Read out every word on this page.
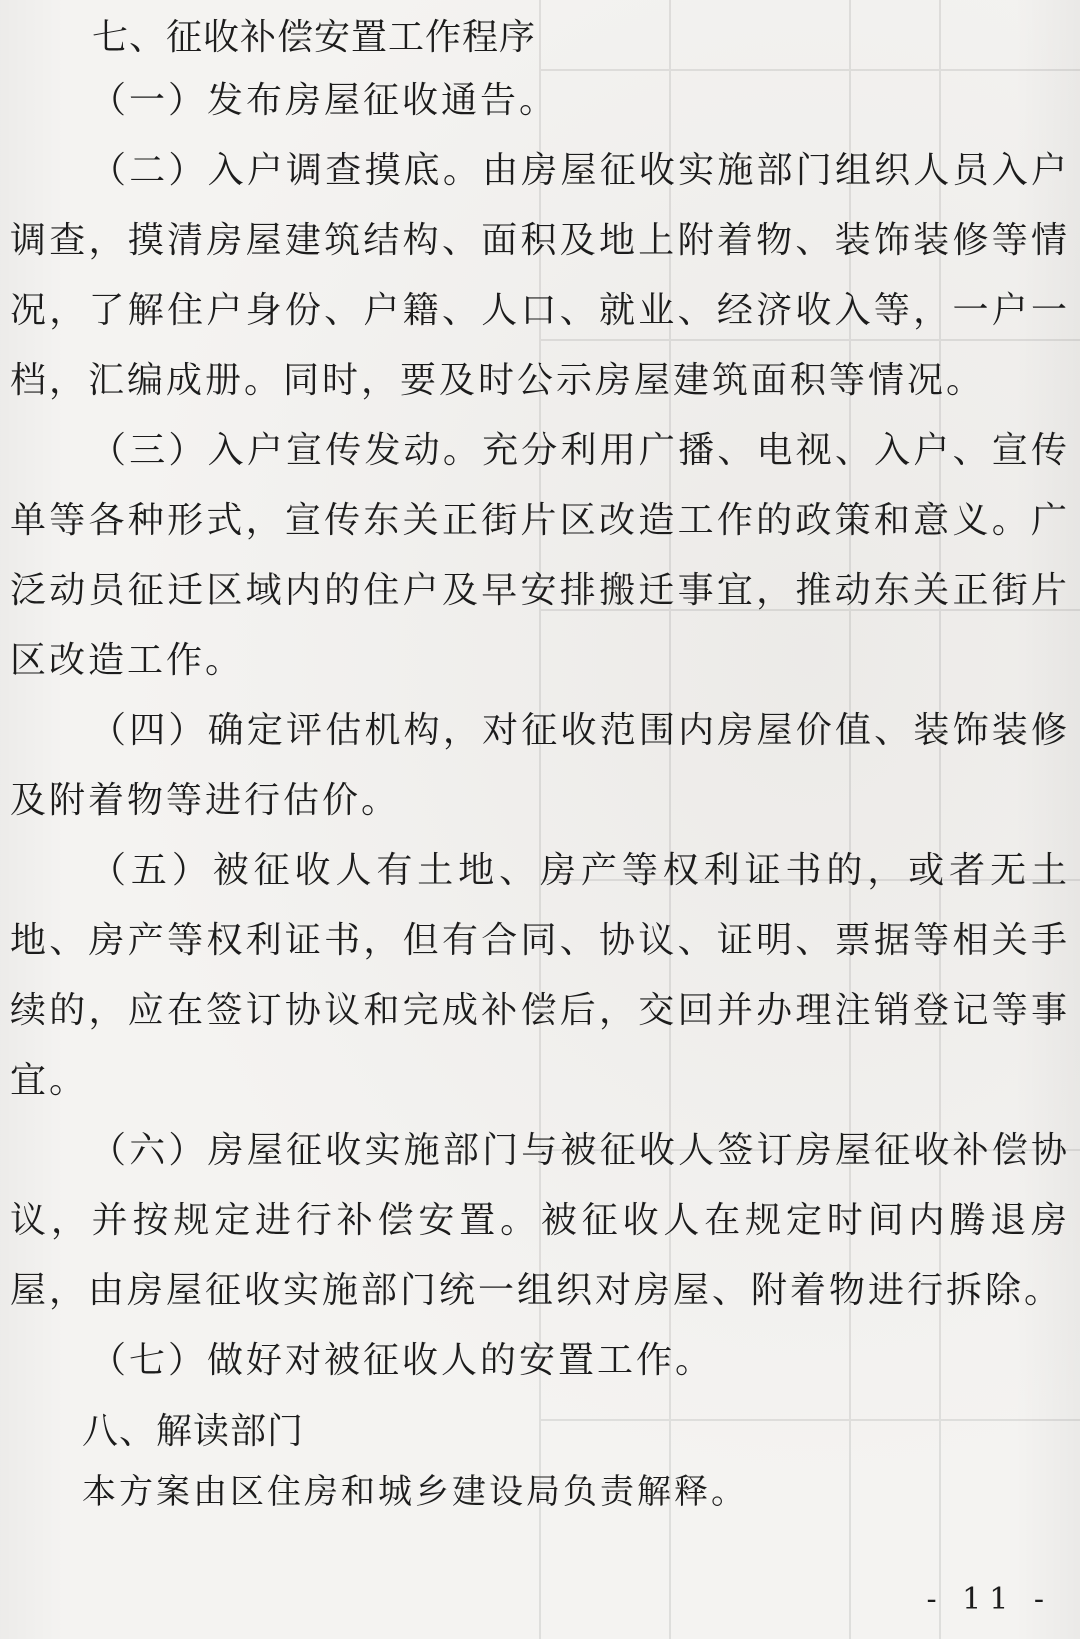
七、征收补偿安置工作程序

（一）发布房屋征收通告。

（二）入户调查摸底。由房屋征收实施部门组织人员入户调查，摸清房屋建筑结构、面积及地上附着物、装饰装修等情况，了解住户身份、户籍、人口、就业、经济收入等，一户一档，汇编成册。同时，要及时公示房屋建筑面积等情况。

（三）入户宣传发动。充分利用广播、电视、入户、宣传单等各种形式，宣传东关正街片区改造工作的政策和意义。广泛动员征迁区域内的住户及早安排搬迁事宜，推动东关正街片区改造工作。

（四）确定评估机构，对征收范围内房屋价值、装饰装修及附着物等进行估价。

（五）被征收人有土地、房产等权利证书的，或者无土地、房产等权利证书，但有合同、协议、证明、票据等相关手续的，应在签订协议和完成补偿后，交回并办理注销登记等事宜。

（六）房屋征收实施部门与被征收人签订房屋征收补偿协议，并按规定进行补偿安置。被征收人在规定时间内腾退房屋，由房屋征收实施部门统一组织对房屋、附着物进行拆除。

（七）做好对被征收人的安置工作。

八、解读部门

本方案由区住房和城乡建设局负责解释。

- 11 -
